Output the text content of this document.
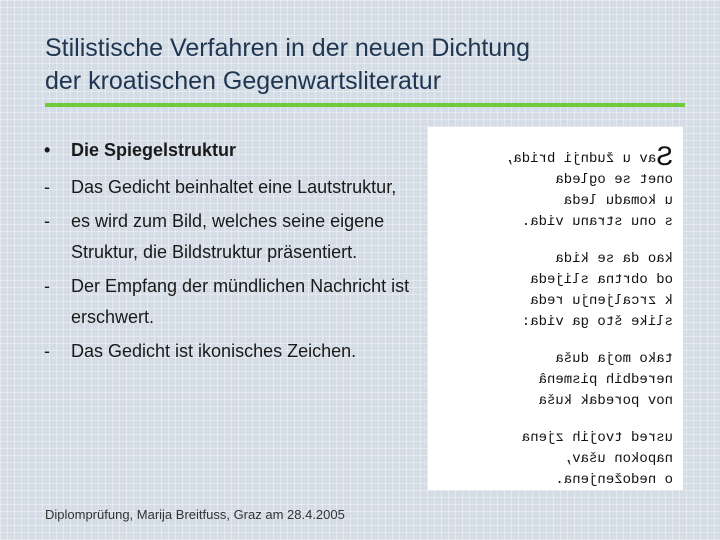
Stilistische Verfahren in der neuen Dichtung
der kroatischen Gegenwartsliteratur
•	Die Spiegelstruktur
-	Das Gedicht beinhaltet eine Lautstruktur,
-	es wird zum Bild, welches seine eigene Struktur, die Bildstruktur präsentiert.
-	Der Empfang der mündlichen Nachricht ist erschwert.
-	Das Gedicht ist ikonisches Zeichen.
Sav u žudnji brida,
onet se ogleda
u komadu leda
s onu stranu vida.
kao da se kida
od obrtna slijeda
k zrcaljenju reda
slike što ga vida:
tako moja duša
neredbih pismenâ
nov poredak kuša
usred tvojih zjena
napokon ušav,
o nedoženjena.
Diplomprüfung, Marija Breitfuss, Graz am 28.4.2005
